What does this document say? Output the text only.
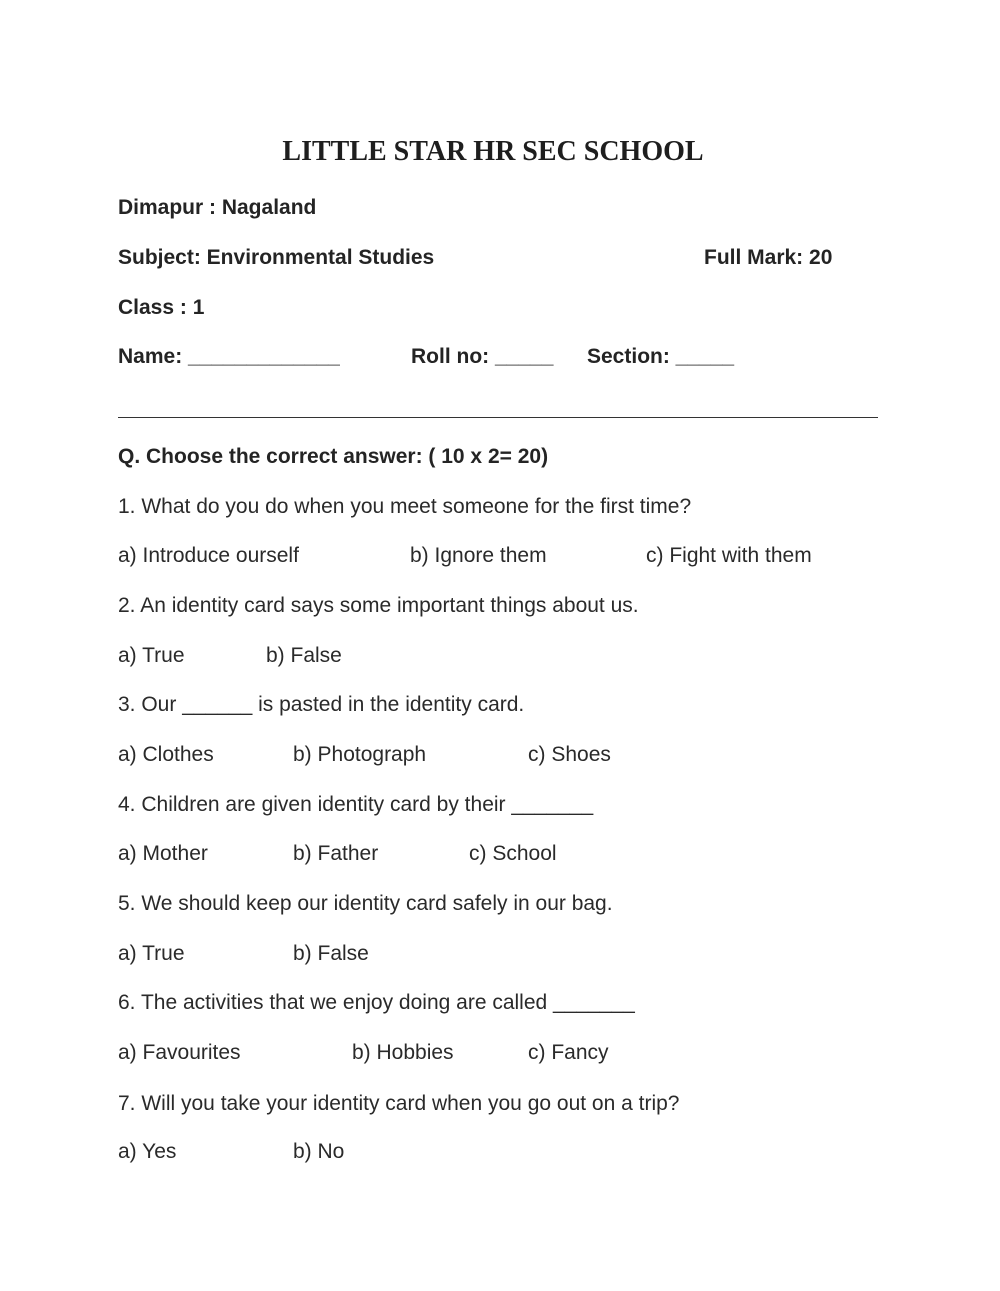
LITTLE STAR HR SEC SCHOOL
Dimapur : Nagaland
Subject: Environmental Studies	Full Mark: 20
Class : 1
Name: _____________	Roll no: _____ Section: _____
Q. Choose the correct answer: ( 10 x 2= 20)
1. What do you do when you meet someone for the first time?
a) Introduce ourself	b) Ignore them	c) Fight with them
2. An identity card says some important things about us.
a) True	b) False
3. Our ______ is pasted in the identity card.
a) Clothes	b) Photograph	c) Shoes
4. Children are given identity card by their _______
a) Mother	b) Father	c) School
5. We should keep our identity card safely in our bag.
a) True	b) False
6. The activities that we enjoy doing are called _______
a) Favourites	b) Hobbies	c) Fancy
7. Will you take your identity card when you go out on a trip?
a) Yes	b) No
